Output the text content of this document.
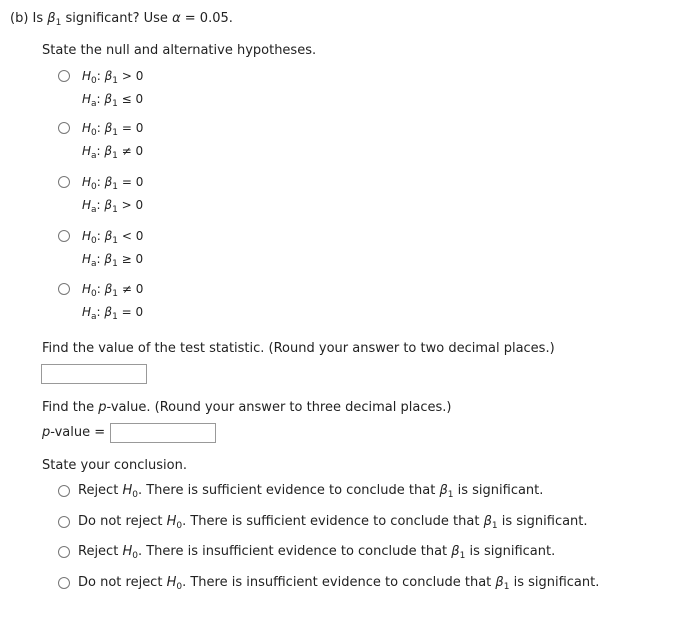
(b) Is $\beta_1$ significant? Use α = 0.05.
State the null and alternative hypotheses.
$H_0$: $\beta_1 > 0$
$H_a$: $\beta_1 \le 0$
$H_0$: $\beta_1 = 0$
$H_a$: $\beta_1 \ne 0$
$H_0$: $\beta_1 = 0$
$H_a$: $\beta_1 > 0$
$H_0$: $\beta_1 < 0$
$H_a$: $\beta_1 \ge 0$
$H_0$: $\beta_1 \ne 0$
$H_a$: $\beta_1 = 0$
Find the value of the test statistic. (Round your answer to two decimal places.)
Find the p-value. (Round your answer to three decimal places.)
p-value =
State your conclusion.
Reject $H_0$. There is sufficient evidence to conclude that $\beta_1$ is significant.
Do not reject $H_0$. There is sufficient evidence to conclude that $\beta_1$ is significant.
Reject $H_0$. There is insufficient evidence to conclude that $\beta_1$ is significant.
Do not reject $H_0$. There is insufficient evidence to conclude that $\beta_1$ is significant.
